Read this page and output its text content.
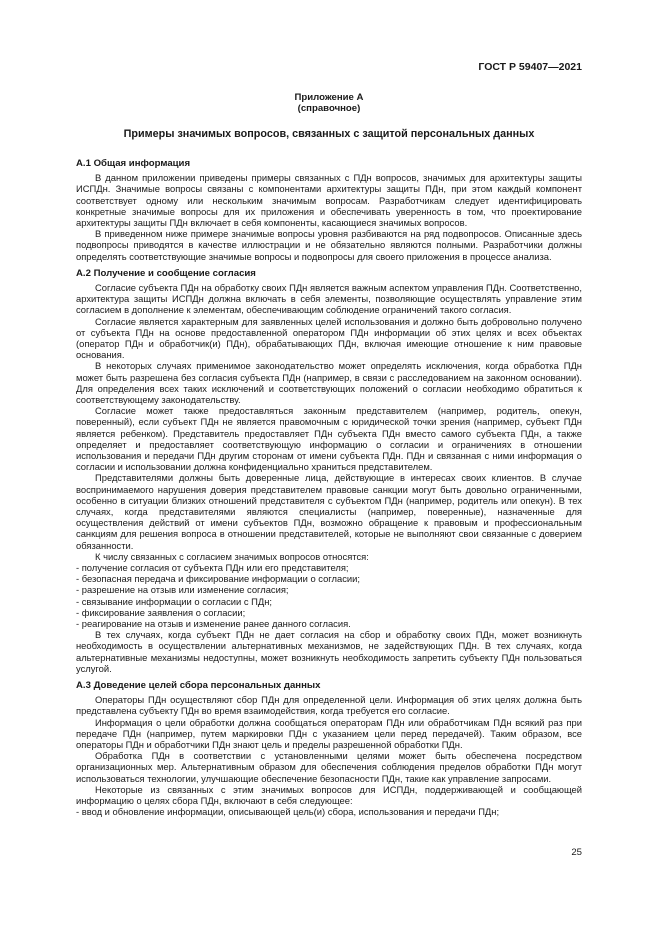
ГОСТ Р 59407—2021

Приложение А

(справочное)

Примеры значимых вопросов, связанных с защитой персональных данных

А.1 Общая информация

В данном приложении приведены примеры связанных с ПДн вопросов, значимых для архитектуры защиты ИСПДн. Значимые вопросы связаны с компонентами архитектуры защиты ПДн, при этом каждый компонент соответствует одному или нескольким значимым вопросам. Разработчикам следует идентифицировать конкретные значимые вопросы для их приложения и обеспечивать уверенность в том, что проектирование архитектуры защиты ПДн включает в себя компоненты, касающиеся значимых вопросов.

В приведенном ниже примере значимые вопросы уровня разбиваются на ряд подвопросов. Описанные здесь подвопросы приводятся в качестве иллюстрации и не обязательно являются полными. Разработчики должны определять соответствующие значимые вопросы и подвопросы для своего приложения в процессе анализа.

А.2 Получение и сообщение согласия

Согласие субъекта ПДн на обработку своих ПДн является важным аспектом управления ПДн. Соответственно, архитектура защиты ИСПДн должна включать в себя элементы, позволяющие осуществлять управление этим согласием в дополнение к элементам, обеспечивающим соблюдение ограничений такого согласия.

Согласие является характерным для заявленных целей использования и должно быть добровольно получено от субъекта ПДн на основе предоставленной оператором ПДн информации об этих целях и всех объектах (оператор ПДн и обработчик(и) ПДн), обрабатывающих ПДн, включая имеющие отношение к ним правовые основания.

В некоторых случаях применимое законодательство может определять исключения, когда обработка ПДн может быть разрешена без согласия субъекта ПДн (например, в связи с расследованием на законном основании). Для определения всех таких исключений и соответствующих положений о согласии необходимо обратиться к соответствующему законодательству.

Согласие может также предоставляться законным представителем (например, родитель, опекун, поверенный), если субъект ПДн не является правомочным с юридической точки зрения (например, субъект ПДн является ребенком). Представитель предоставляет ПДн субъекта ПДн вместо самого субъекта ПДн, а также определяет и предоставляет соответствующую информацию о согласии и ограничениях в отношении использования и передачи ПДн другим сторонам от имени субъекта ПДн. ПДн и связанная с ними информация о согласии и использовании должна конфиденциально храниться представителем.

Представителями должны быть доверенные лица, действующие в интересах своих клиентов. В случае воспринимаемого нарушения доверия представителем правовые санкции могут быть довольно ограниченными, особенно в ситуации близких отношений представителя с субъектом ПДн (например, родитель или опекун). В тех случаях, когда представителями являются специалисты (например, поверенные), назначенные для осуществления действий от имени субъектов ПДн, возможно обращение к правовым и профессиональным санкциям для решения вопроса в отношении представителей, которые не выполняют свои связанные с доверием обязанности.

К числу связанных с согласием значимых вопросов относятся:

- получение согласия от субъекта ПДн или его представителя;

- безопасная передача и фиксирование информации о согласии;

- разрешение на отзыв или изменение согласия;

- связывание информации о согласии с ПДн;

- фиксирование заявления о согласии;

- реагирование на отзыв и изменение ранее данного согласия.

В тех случаях, когда субъект ПДн не дает согласия на сбор и обработку своих ПДн, может возникнуть необходимость в осуществлении альтернативных механизмов, не задействующих ПДн. В тех случаях, когда альтернативные механизмы недоступны, может возникнуть необходимость запретить субъекту ПДн пользоваться услугой.

А.3 Доведение целей сбора персональных данных

Операторы ПДн осуществляют сбор ПДн для определенной цели. Информация об этих целях должна быть представлена субъекту ПДн во время взаимодействия, когда требуется его согласие.

Информация о цели обработки должна сообщаться операторам ПДн или обработчикам ПДн всякий раз при передаче ПДн (например, путем маркировки ПДн с указанием цели перед передачей). Таким образом, все операторы ПДн и обработчики ПДн знают цель и пределы разрешенной обработки ПДн.

Обработка ПДн в соответствии с установленными целями может быть обеспечена посредством организационных мер. Альтернативным образом для обеспечения соблюдения пределов обработки ПДн могут использоваться технологии, улучшающие обеспечение безопасности ПДн, такие как управление запросами.

Некоторые из связанных с этим значимых вопросов для ИСПДн, поддерживающей и сообщающей информацию о целях сбора ПДн, включают в себя следующее:

- ввод и обновление информации, описывающей цель(и) сбора, использования и передачи ПДн;

25
